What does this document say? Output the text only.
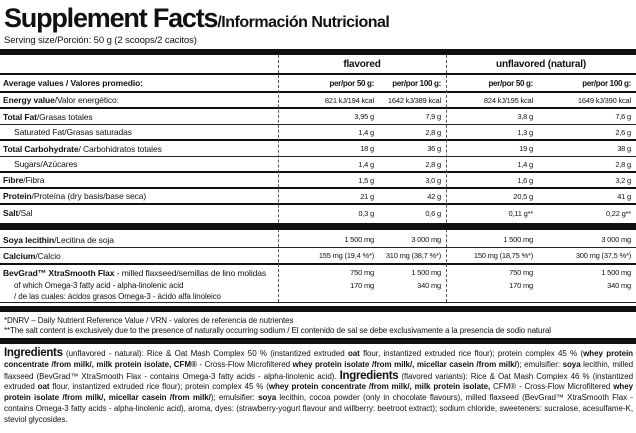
Supplement Facts /Información Nutricional
Serving size/Porción: 50 g (2 scoops/2 cacitos)
flavored	unflavored (natural)
Average values / Valores promedio:	per/por 50 g:	per/por 100 g:	per/por 50 g:	per/por 100 g:
Energy value/Valor energético:	821 kJ/194 kcal	1642 kJ/389 kcal	824 kJ/195 kcal	1649 kJ/390 kcal
Total Fat/Grasas totales	3,95 g	7,9 g	3,8 g	7,6 g
Saturated Fat/Grasas saturadas	1,4 g	2,8 g	1,3 g	2,6 g
Total Carbohydrate/ Carbohidratos totales	18 g	36 g	19 g	38 g
Sugars/Azúcares	1,4 g	2,8 g	1,4 g	2,8 g
Fibre/Fibra	1,5 g	3,0 g	1,6 g	3,2 g
Protein/Proteína (dry basis/base seca)	21 g	42 g	20,5 g	41 g
Salt/Sal	0,3 g	0,6 g	0,11 g**	0,22 g**
Soya lecithin/Lecitina de soja	1 500 mg	3 000 mg	1 500 mg	3 000 mg
Calcium/Calcio	155 mg (19,4 %*)	310 mg (38,7 %*)	150 mg (18,75 %*)	300 mg (37,5 %*)
BevGrad™ XtraSmooth Flax - milled flaxseed/semillas de lino molidas	750 mg	1 500 mg	750 mg	1 500 mg
of which Omega-3 fatty acid - alpha-linolenic acid	170 mg	340 mg	170 mg	340 mg
/ de las cuales: ácidos grasos Omega-3 - ácido alfa linoleico
*DNRV – Daily Nutrient Reference Value / VRN - valores de referencia de nutrientes
**The salt content is exclusively due to the presence of naturally occurring sodium / El contenido de sal se debe exclusivamente a la presencia de sodio natural

Ingredients (unflavored - natural): Rice & Oat Mash Complex 50 % (instantized extruded oat flour, instantized extruded rice flour); protein complex 45 % (whey protein concentrate /from milk/, milk protein isolate, CFM® - Cross-Flow Microfiltered whey protein isolate /from milk/, micellar casein /from milk/); emulsifier: soya lecithin, milled flaxseed (BevGrad™ XtraSmooth Flax - contains Omega-3 fatty acids - alpha-linolenic acid). Ingredients (flavored variants): Rice & Oat Mash Complex 46 % (instantized extruded oat flour, instantized extruded rice flour); protein complex 45 % (whey protein concentrate /from milk/, milk protein isolate, CFM® - Cross-Flow Microfiltered whey protein isolate /from milk/, micellar casein /from milk/); emulsifier: soya lecithin, cocoa powder (only in chocolate flavours), milled flaxseed (BevGrad™ XtraSmooth Flax - contains Omega-3 fatty acids - alpha-linolenic acid), aroma, dyes: (strawberry-yogurt flavour and willberry: beetroot extract); sodium chloride, sweeteners: sucralose, acesulfame-K, steviol glycosides.
